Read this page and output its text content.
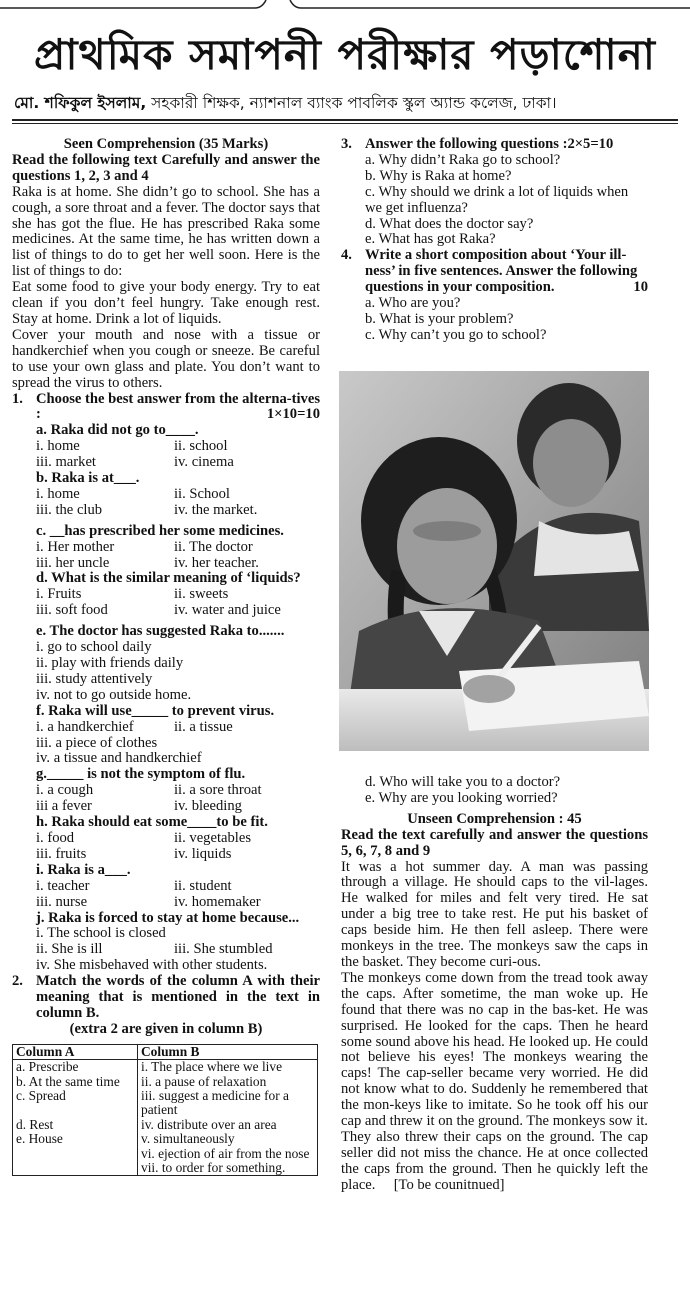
প্রাথমিক সমাপনী পরীক্ষার পড়াশোনা
মো. শফিকুল ইসলাম, সহকারী শিক্ষক, ন্যাশনাল ব্যাংক পাবলিক স্কুল অ্যান্ড কলেজ, ঢাকা।

Seen Comprehension (35 Marks)

Read the following text Carefully and answer the questions 1, 2, 3 and 4

Raka is at home. She didn’t go to school. She has a cough, a sore throat and a fever. The doctor says that she has got the flue. He has prescribed Raka some medicines. At the same time, he has written down a list of things to do to get her well soon. Here is the list of things to do:

Eat some food to give your body energy. Try to eat clean if you don’t feel hungry. Take enough rest. Stay at home. Drink a lot of liquids.

Cover your mouth and nose with a tissue or handkerchief when you cough or sneeze. Be careful to use your own glass and plate. You don’t want to spread the virus to others.

1. Choose the best answer from the alterna-tives :	1×10=10

a. Raka did not go to____.

i. home	ii. school
iii. market	iv. cinema

b. Raka is at___.

i. home	ii. School
iii. the club	iv. the market.

c. __has prescribed her some medicines.

i. Her mother	ii. The doctor
iii. her uncle	iv. her teacher.

d. What is the similar meaning of ‘liquids?

i. Fruits	ii. sweets
iii. soft food	iv. water and juice

e. The doctor has suggested Raka to.......

i. go to school daily

ii. play with friends daily

iii. study attentively

iv. not to go outside home.

f. Raka will use_____ to prevent virus.

i. a handkerchief	ii. a tissue

iii. a piece of clothes

iv. a tissue and handkerchief

g._____ is not the symptom of flu.

i. a cough	ii. a sore throat
iii a fever	iv. bleeding

h. Raka should eat some____to be fit.

i. food	ii. vegetables
iii. fruits	iv. liquids

i. Raka is a___.

i. teacher	ii. student
iii. nurse	iv. homemaker

j. Raka is forced to stay at home because...

i. The school is closed

ii. She is ill	iii. She stumbled

iv. She misbehaved with other students.

2. Match the words of the column A with their meaning that is mentioned in the text in column B.

(extra 2 are given in column B)

Column A	Column B
a. Prescribe	i. The place where we live
b. At the same time	ii. a pause of relaxation
c. Spread	iii. suggest a medicine for a patient
d. Rest	iv. distribute over an area
e. House	v. simultaneously
	vi. ejection of air from the nose
	vii. to order for something.
3. Answer the following questions :2×5=10

a. Why didn’t Raka go to school?

b. Why is Raka at home?

c. Why should we drink a lot of liquids when we get influenza?

d. What does the doctor say?

e. What has got Raka?

4. Write a short composition about ‘Your ill-ness’ in five sentences. Answer the following questions in your composition.	10

a. Who are you?

b. What is your problem?

c. Why can’t you go to school?

d. Who will take you to a doctor?

e. Why are you looking worried?

Unseen Comprehension : 45

Read the text carefully and answer the questions 5, 6, 7, 8 and 9

It was a hot summer day. A man was passing through a village. He should caps to the vil-lages. He walked for miles and felt very tired. He sat under a big tree to take rest. He put his basket of caps beside him. He then fell asleep. There were monkeys in the tree. The monkeys saw the caps in the basket. They become curi-ous.

The monkeys come down from the tread took away the caps. After sometime, the man woke up. He found that there was no cap in the bas-ket. He was surprised. He looked for the caps. Then he heard some sound above his head. He looked up. He could not believe his eyes! The monkeys wearing the caps! The cap-seller became very worried. He did not know what to do. Suddenly he remembered that the mon-keys like to imitate. So he took off his our cap and threw it on the ground. The monkeys sow it.

They also threw their caps on the ground. The cap seller did not miss the chance. He at once collected the caps from the ground. Then he quickly left the place. [To be counitnued]
